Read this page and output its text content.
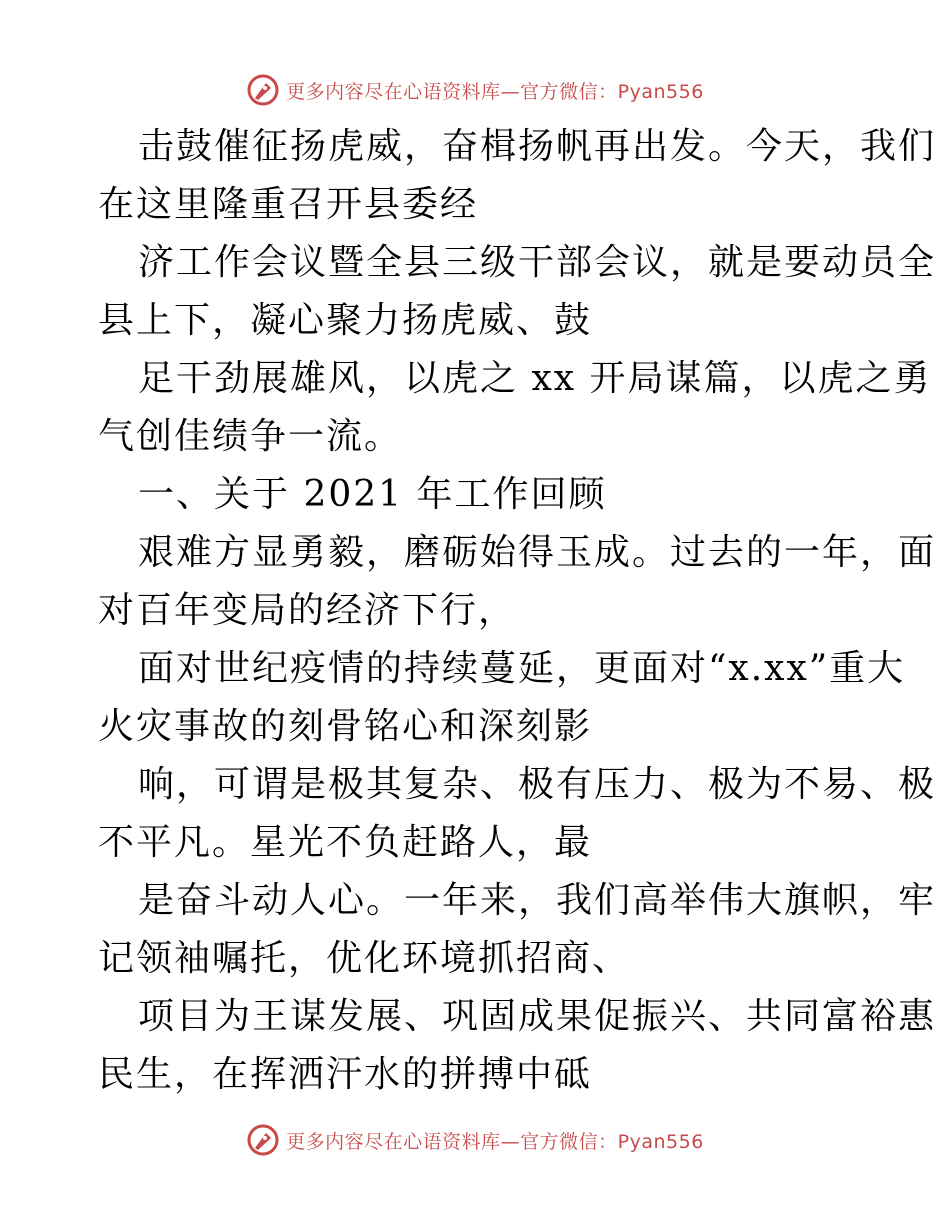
更多内容尽在心语资料库—官方微信：Pyan556
击鼓催征扬虎威，奋楫扬帆再出发。今天，我们
在这里隆重召开县委经
济工作会议暨全县三级干部会议，就是要动员全
县上下，凝心聚力扬虎威、鼓
足干劲展雄风，以虎之 xx 开局谋篇，以虎之勇
气创佳绩争一流。
一、关于 2021 年工作回顾
艰难方显勇毅，磨砺始得玉成。过去的一年，面
对百年变局的经济下行，
面对世纪疫情的持续蔓延，更面对“x.xx”重大
火灾事故的刻骨铭心和深刻影
响，可谓是极其复杂、极有压力、极为不易、极
不平凡。星光不负赶路人，最
是奋斗动人心。一年来，我们高举伟大旗帜，牢
记领袖嘱托，优化环境抓招商、
项目为王谋发展、巩固成果促振兴、共同富裕惠
民生，在挥洒汗水的拼搏中砥
更多内容尽在心语资料库—官方微信：Pyan556
